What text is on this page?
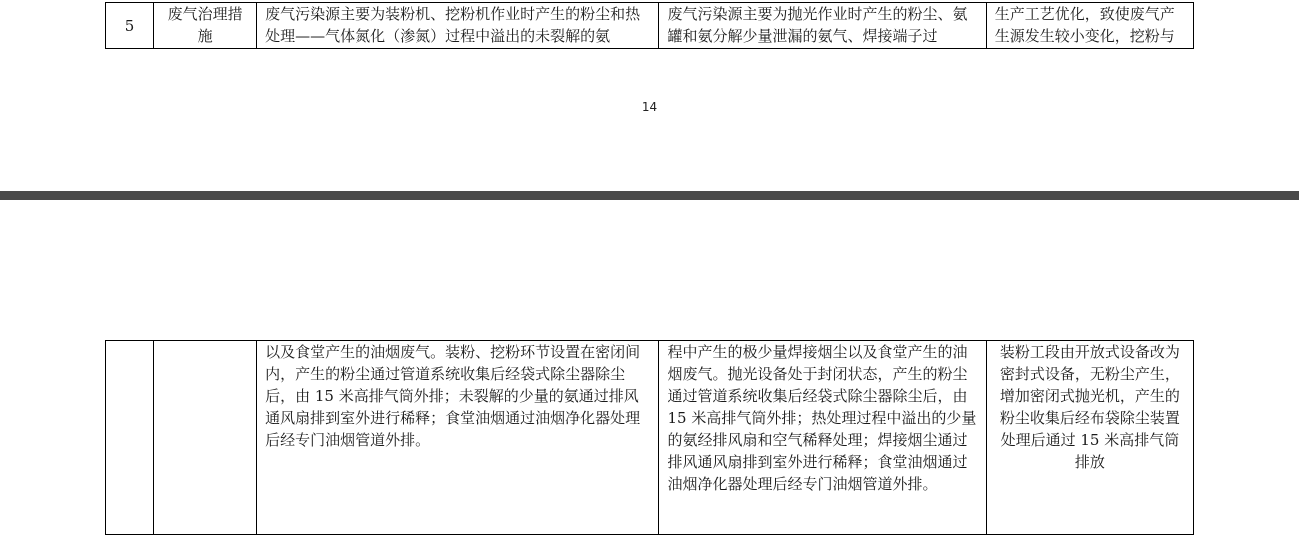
5	废气治理措施	废气污染源主要为装粉机、挖粉机作业时产生的粉尘和热处理——气体氮化（渗氮）过程中溢出的未裂解的氨	废气污染源主要为抛光作业时产生的粉尘、氨罐和氨分解少量泄漏的氨气、焊接端子过	生产工艺优化，致使废气产生源发生较小变化，挖粉与
14
		以及食堂产生的油烟废气。装粉、挖粉环节设置在密闭间内，产生的粉尘通过管道系统收集后经袋式除尘器除尘后，由 15 米高排气筒外排；未裂解的少量的氨通过排风通风扇排到室外进行稀释；食堂油烟通过油烟净化器处理后经专门油烟管道外排。	程中产生的极少量焊接烟尘以及食堂产生的油烟废气。抛光设备处于封闭状态，产生的粉尘通过管道系统收集后经袋式除尘器除尘后，由 15 米高排气筒外排；热处理过程中溢出的少量的氨经排风扇和空气稀释处理；焊接烟尘通过排风通风扇排到室外进行稀释；食堂油烟通过油烟净化器处理后经专门油烟管道外排。	装粉工段由开放式设备改为密封式设备，无粉尘产生，增加密闭式抛光机，产生的粉尘收集后经布袋除尘装置处理后通过 15 米高排气筒排放
